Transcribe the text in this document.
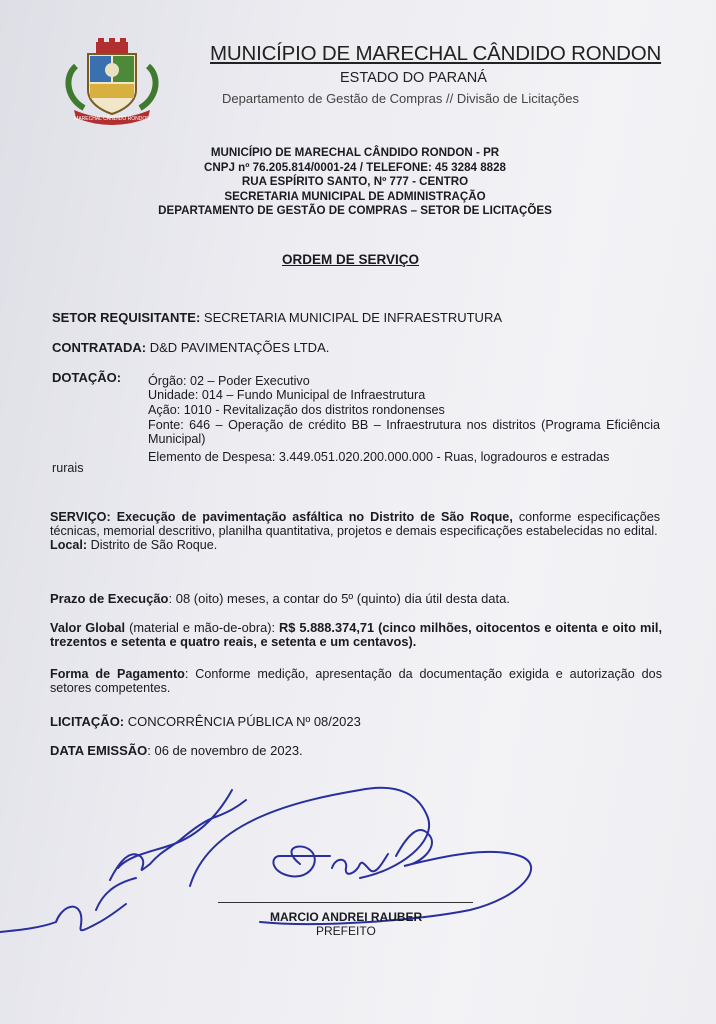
MARECHAL CÂNDIDO RONDON
MUNICÍPIO DE MARECHAL CÂNDIDO RONDON
ESTADO DO PARANÁ
Departamento de Gestão de Compras // Divisão de Licitações
MUNICÍPIO DE MARECHAL CÂNDIDO RONDON - PR
CNPJ nº 76.205.814/0001-24 / TELEFONE: 45 3284 8828
RUA ESPÍRITO SANTO, Nº 777 - CENTRO
SECRETARIA MUNICIPAL DE ADMINISTRAÇÃO
DEPARTAMENTO DE GESTÃO DE COMPRAS – SETOR DE LICITAÇÕES
ORDEM DE SERVIÇO
SETOR REQUISITANTE: SECRETARIA MUNICIPAL DE INFRAESTRUTURA
CONTRATADA: D&D PAVIMENTAÇÕES LTDA.
DOTAÇÃO: Órgão: 02 – Poder Executivo
Unidade: 014 – Fundo Municipal de Infraestrutura
Ação: 1010 - Revitalização dos distritos rondonenses
Fonte: 646 – Operação de crédito BB – Infraestrutura nos distritos (Programa Eficiência Municipal)
Elemento de Despesa: 3.449.051.020.200.000.000 - Ruas, logradouros e estradas
rurais
SERVIÇO: Execução de pavimentação asfáltica no Distrito de São Roque, conforme especificações técnicas, memorial descritivo, planilha quantitativa, projetos e demais especificações estabelecidas no edital.
Local: Distrito de São Roque.
Prazo de Execução: 08 (oito) meses, a contar do 5º (quinto) dia útil desta data.
Valor Global (material e mão-de-obra): R$ 5.888.374,71 (cinco milhões, oitocentos e oitenta e oito mil, trezentos e setenta e quatro reais, e setenta e um centavos).
Forma de Pagamento: Conforme medição, apresentação da documentação exigida e autorização dos setores competentes.
LICITAÇÃO: CONCORRÊNCIA PÚBLICA Nº 08/2023
DATA EMISSÃO: 06 de novembro de 2023.
MARCIO ANDREI RAUBER
PREFEITO
